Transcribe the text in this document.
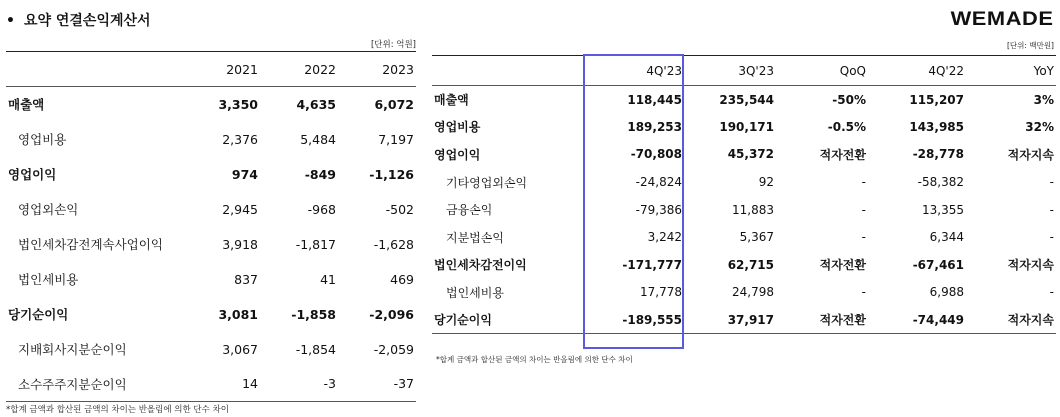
• 요약 연결손익계산서	WEMADE
[단위: 억원]	[단위: 백만원]
	2021	2022	2023
매출액	3,350	4,635	6,072
영업비용	2,376	5,484	7,197
영업이익	974	-849	-1,126
영업외손익	2,945	-968	-502
법인세차감전계속사업이익	3,918	-1,817	-1,628
법인세비용	837	41	469
당기순이익	3,081	-1,858	-2,096
지배회사지분순이익	3,067	-1,854	-2,059
소수주주지분순이익	14	-3	-37
	4Q'23	3Q'23	QoQ	4Q'22	YoY
매출액	118,445	235,544	-50%	115,207	3%
영업비용	189,253	190,171	-0.5%	143,985	32%
영업이익	-70,808	45,372	적자전환	-28,778	적자지속
기타영업외손익	-24,824	92	-	-58,382	-
금융손익	-79,386	11,883	-	13,355	-
지분법손익	3,242	5,367	-	6,344	-
법인세차감전이익	-171,777	62,715	적자전환	-67,461	적자지속
법인세비용	17,778	24,798	-	6,988	-
당기순이익	-189,555	37,917	적자전환	-74,449	적자지속
*합계 금액과 합산된 금액의 차이는 반올림에 의한 단수 차이
*합계 금액과 합산된 금액의 차이는 반올림에 의한 단수 차이
